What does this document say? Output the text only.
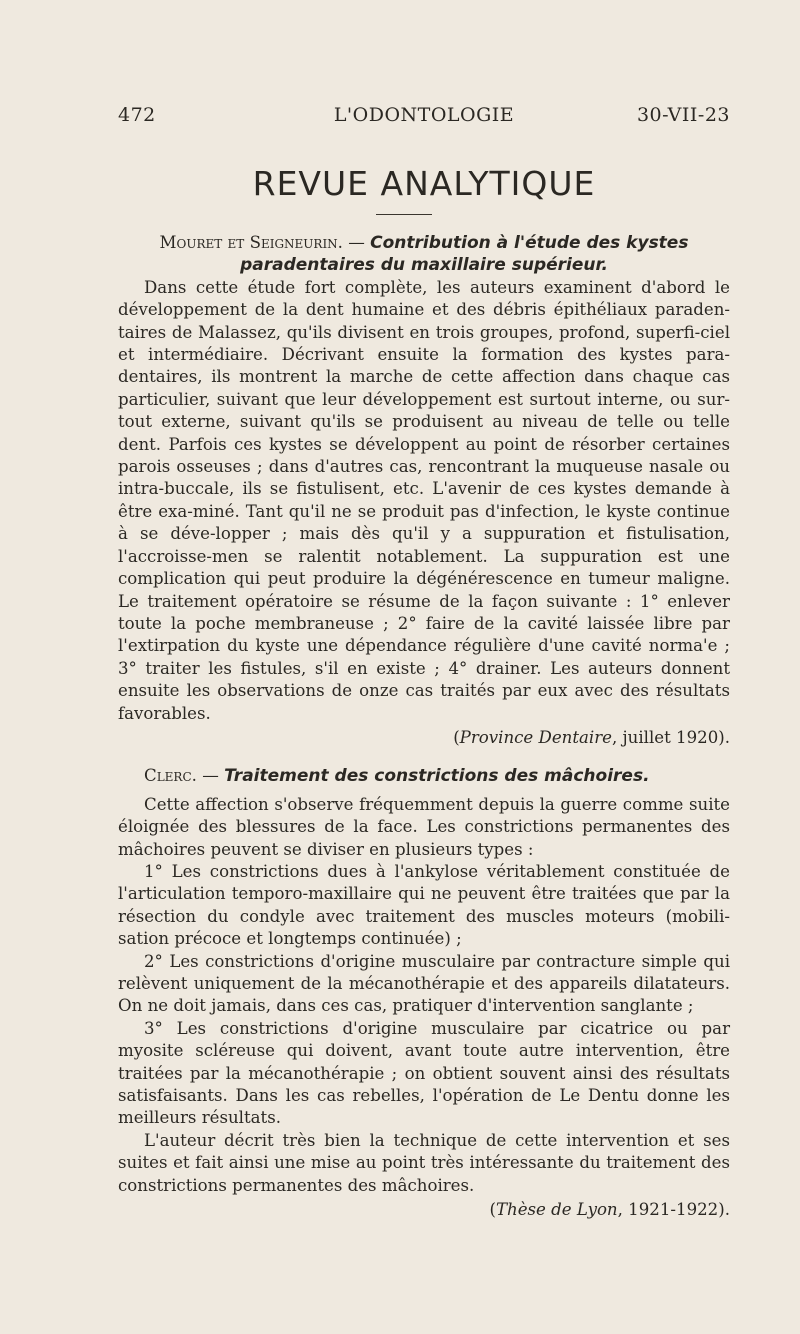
472	L'ODONTOLOGIE	30-VII-23
REVUE ANALYTIQUE

Mouret et Seigneurin. — Contribution à l'étude des kystes paradentaires du maxillaire supérieur.

Dans cette étude fort complète, les auteurs examinent d'abord le développement de la dent humaine et des débris épithéliaux paraden-taires de Malassez, qu'ils divisent en trois groupes, profond, superfi-ciel et intermédiaire. Décrivant ensuite la formation des kystes para-dentaires, ils montrent la marche de cette affection dans chaque cas particulier, suivant que leur développement est surtout interne, ou sur-tout externe, suivant qu'ils se produisent au niveau de telle ou telle dent. Parfois ces kystes se développent au point de résorber certaines parois osseuses ; dans d'autres cas, rencontrant la muqueuse nasale ou intra-buccale, ils se fistulisent, etc. L'avenir de ces kystes demande à être exa-miné. Tant qu'il ne se produit pas d'infection, le kyste continue à se déve-lopper ; mais dès qu'il y a suppuration et fistulisation, l'accroisse-men se ralentit notablement. La suppuration est une complication qui peut produire la dégénérescence en tumeur maligne. Le traitement opératoire se résume de la façon suivante : 1° enlever toute la poche membraneuse ; 2° faire de la cavité laissée libre par l'extirpation du kyste une dépendance régulière d'une cavité norma'e ; 3° traiter les fistules, s'il en existe ; 4° drainer. Les auteurs donnent ensuite les observations de onze cas traités par eux avec des résultats favorables.

(Province Dentaire, juillet 1920).

Clerc. — Traitement des constrictions des mâchoires.

Cette affection s'observe fréquemment depuis la guerre comme suite éloignée des blessures de la face. Les constrictions permanentes des mâchoires peuvent se diviser en plusieurs types :

1° Les constrictions dues à l'ankylose véritablement constituée de l'articulation temporo-maxillaire qui ne peuvent être traitées que par la résection du condyle avec traitement des muscles moteurs (mobili-sation précoce et longtemps continuée) ;

2° Les constrictions d'origine musculaire par contracture simple qui relèvent uniquement de la mécanothérapie et des appareils dilatateurs. On ne doit jamais, dans ces cas, pratiquer d'intervention sanglante ;

3° Les constrictions d'origine musculaire par cicatrice ou par myosite scléreuse qui doivent, avant toute autre intervention, être traitées par la mécanothérapie ; on obtient souvent ainsi des résultats satisfaisants. Dans les cas rebelles, l'opération de Le Dentu donne les meilleurs résultats.

L'auteur décrit très bien la technique de cette intervention et ses suites et fait ainsi une mise au point très intéressante du traitement des constrictions permanentes des mâchoires.

(Thèse de Lyon, 1921-1922).
